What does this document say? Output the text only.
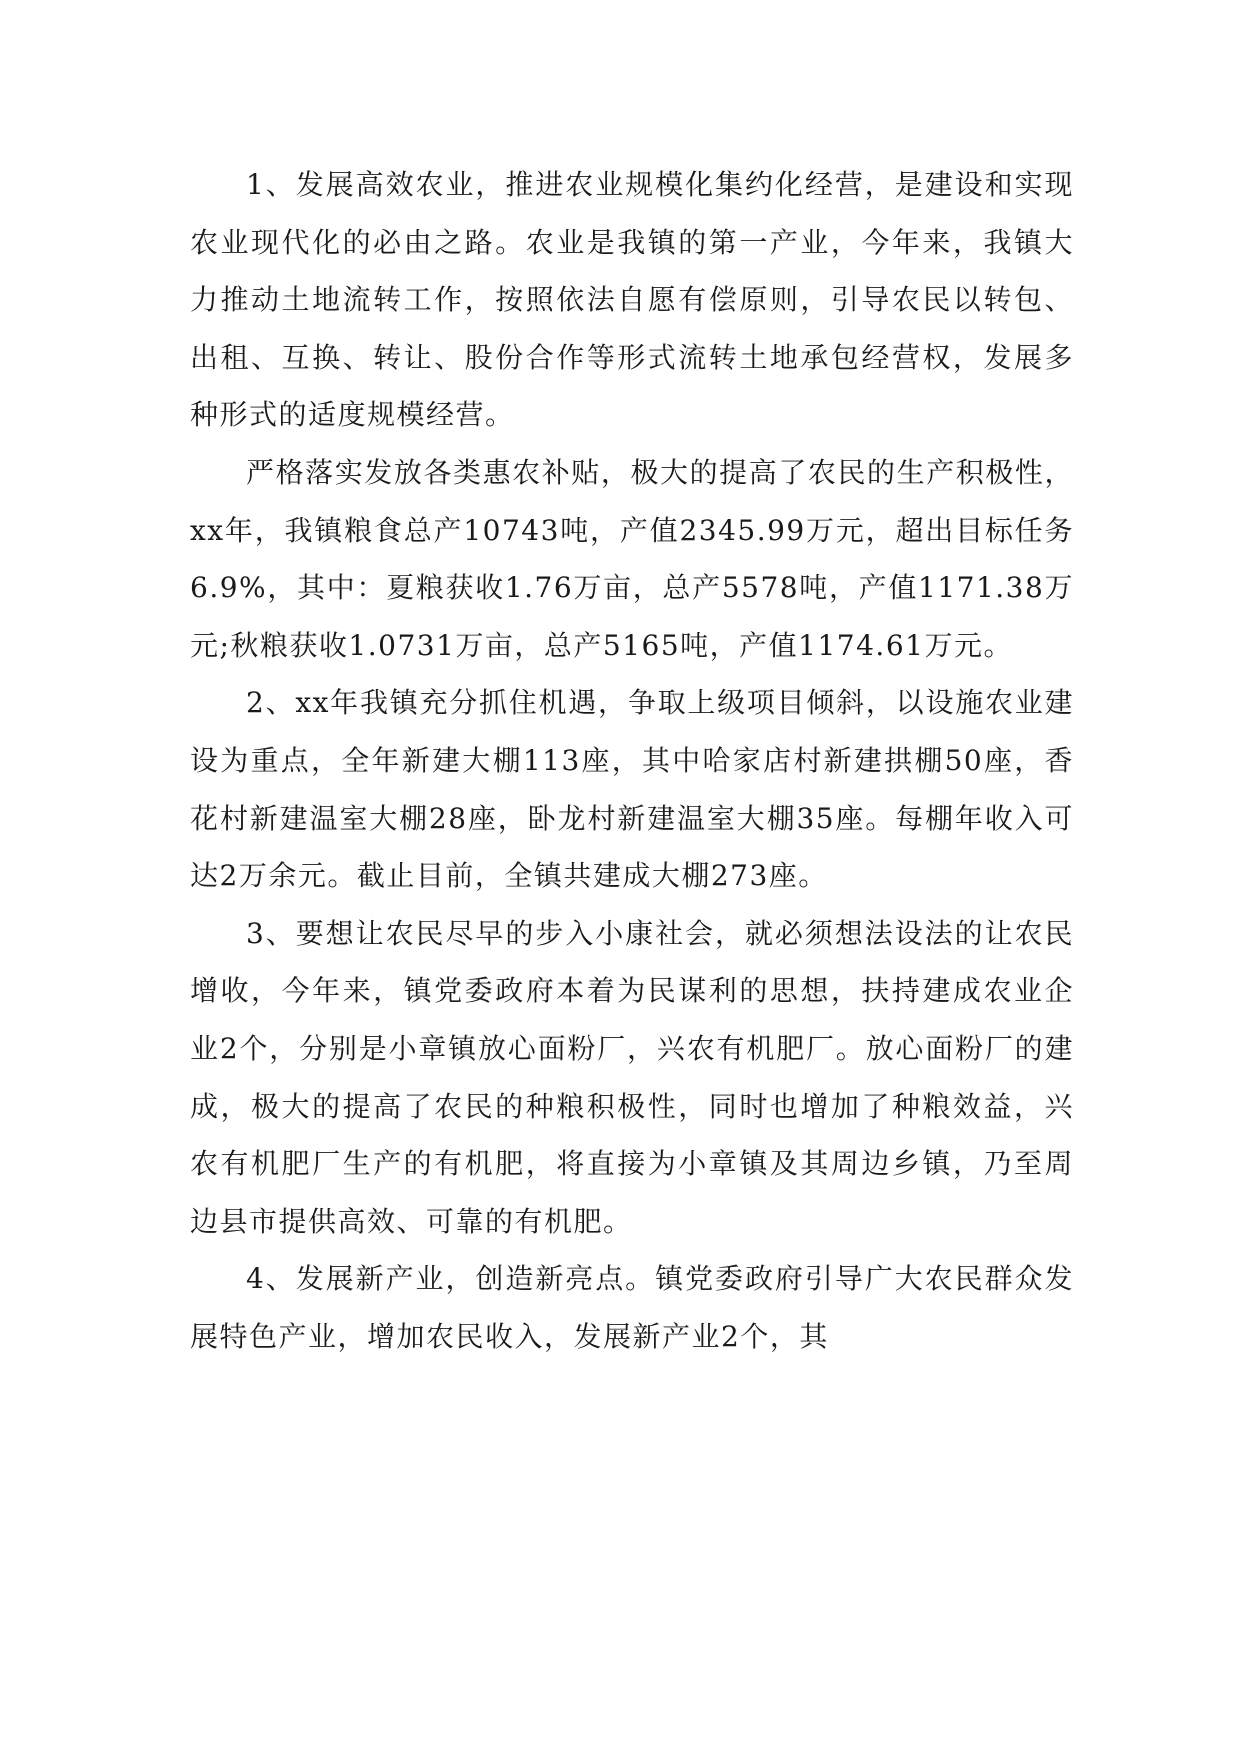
1、发展高效农业，推进农业规模化集约化经营，是建设和实现农业现代化的必由之路。农业是我镇的第一产业，今年来，我镇大力推动土地流转工作，按照依法自愿有偿原则，引导农民以转包、出租、互换、转让、股份合作等形式流转土地承包经营权，发展多种形式的适度规模经营。

严格落实发放各类惠农补贴，极大的提高了农民的生产积极性，xx年，我镇粮食总产10743吨，产值2345.99万元，超出目标任务6.9%，其中：夏粮获收1.76万亩，总产5578吨，产值1171.38万元;秋粮获收1.0731万亩，总产5165吨，产值1174.61万元。

2、xx年我镇充分抓住机遇，争取上级项目倾斜，以设施农业建设为重点，全年新建大棚113座，其中哈家店村新建拱棚50座，香花村新建温室大棚28座，卧龙村新建温室大棚35座。每棚年收入可达2万余元。截止目前，全镇共建成大棚273座。

3、要想让农民尽早的步入小康社会，就必须想法设法的让农民增收，今年来，镇党委政府本着为民谋利的思想，扶持建成农业企业2个，分别是小章镇放心面粉厂，兴农有机肥厂。放心面粉厂的建成，极大的提高了农民的种粮积极性，同时也增加了种粮效益，兴农有机肥厂生产的有机肥，将直接为小章镇及其周边乡镇，乃至周边县市提供高效、可靠的有机肥。

4、发展新产业，创造新亮点。镇党委政府引导广大农民群众发展特色产业，增加农民收入，发展新产业2个，其
